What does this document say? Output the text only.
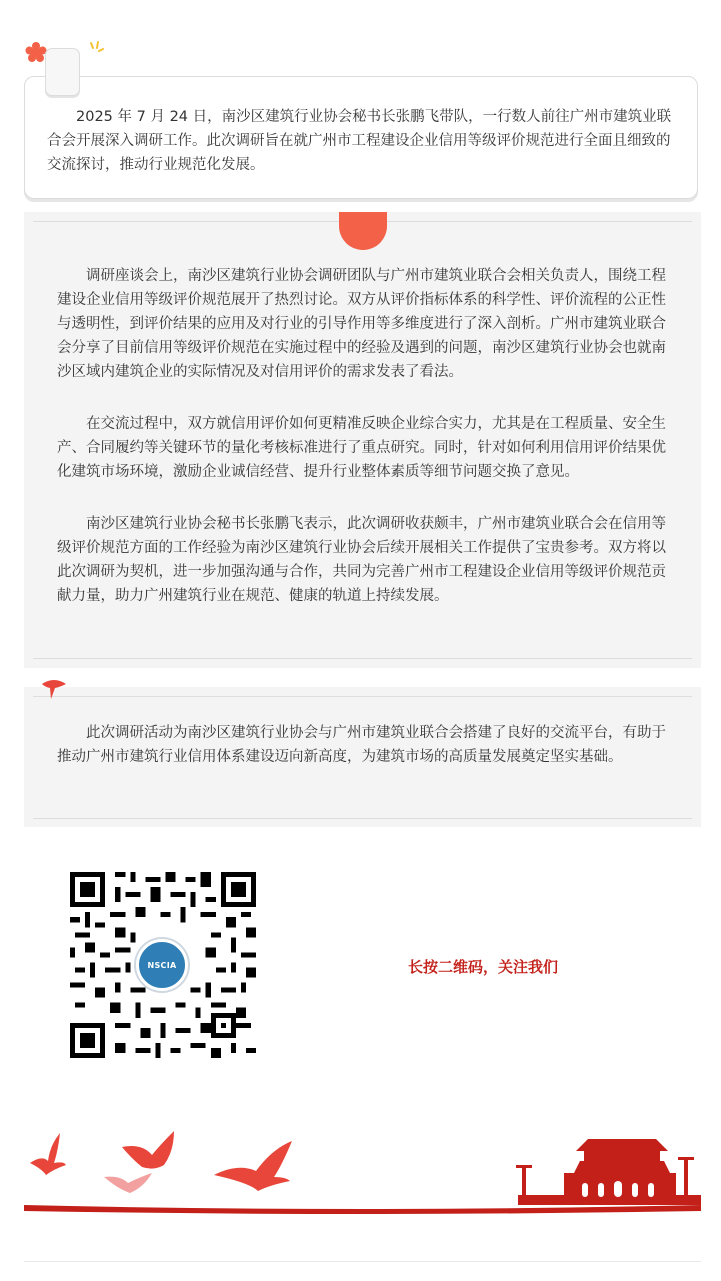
2025 年 7 月 24 日，南沙区建筑行业协会秘书长张鹏飞带队，一行数人前往广州市建筑业联合会开展深入调研工作。此次调研旨在就广州市工程建设企业信用等级评价规范进行全面且细致的交流探讨，推动行业规范化发展。

调研座谈会上，南沙区建筑行业协会调研团队与广州市建筑业联合会相关负责人，围绕工程建设企业信用等级评价规范展开了热烈讨论。双方从评价指标体系的科学性、评价流程的公正性与透明性，到评价结果的应用及对行业的引导作用等多维度进行了深入剖析。广州市建筑业联合会分享了目前信用等级评价规范在实施过程中的经验及遇到的问题，南沙区建筑行业协会也就南沙区域内建筑企业的实际情况及对信用评价的需求发表了看法。

在交流过程中，双方就信用评价如何更精准反映企业综合实力，尤其是在工程质量、安全生产、合同履约等关键环节的量化考核标准进行了重点研究。同时，针对如何利用信用评价结果优化建筑市场环境，激励企业诚信经营、提升行业整体素质等细节问题交换了意见。

南沙区建筑行业协会秘书长张鹏飞表示，此次调研收获颇丰，广州市建筑业联合会在信用等级评价规范方面的工作经验为南沙区建筑行业协会后续开展相关工作提供了宝贵参考。双方将以此次调研为契机，进一步加强沟通与合作，共同为完善广州市工程建设企业信用等级评价规范贡献力量，助力广州建筑行业在规范、健康的轨道上持续发展。

此次调研活动为南沙区建筑行业协会与广州市建筑业联合会搭建了良好的交流平台，有助于推动广州市建筑行业信用体系建设迈向新高度，为建筑市场的高质量发展奠定坚实基础。

NSCIA	长按二维码，关注我们
